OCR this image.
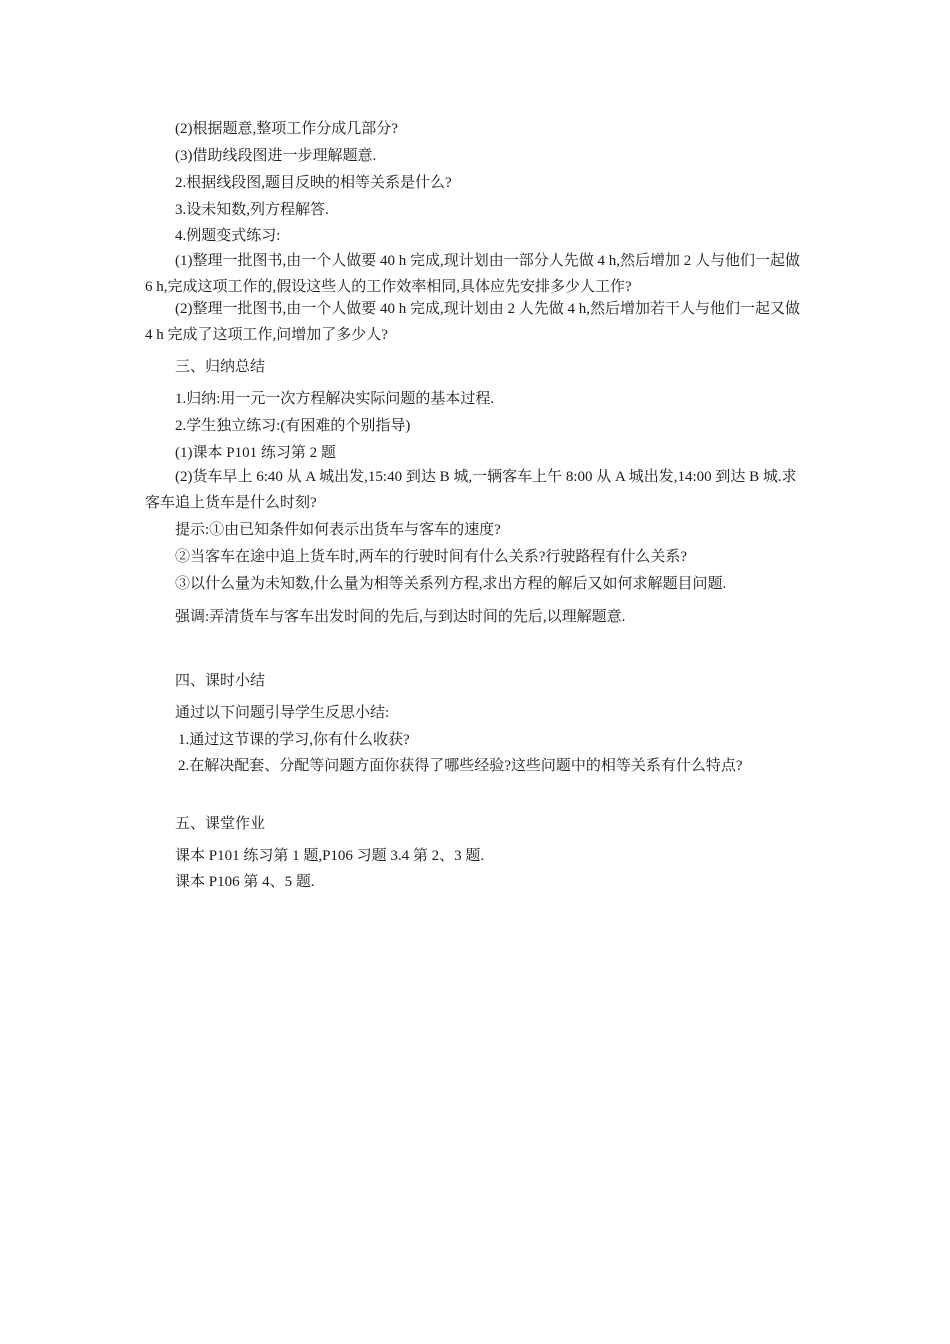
(2)根据题意,整项工作分成几部分?
(3)借助线段图进一步理解题意.
2.根据线段图,题目反映的相等关系是什么?
3.设未知数,列方程解答.
4.例题变式练习:
(1)整理一批图书,由一个人做要 40 h 完成,现计划由一部分人先做 4 h,然后增加 2 人与他们一起做 6 h,完成这项工作的,假设这些人的工作效率相同,具体应先安排多少人工作?
(2)整理一批图书,由一个人做要 40 h 完成,现计划由 2 人先做 4 h,然后增加若干人与他们一起又做 4 h 完成了这项工作,问增加了多少人?
三、归纳总结
1.归纳:用一元一次方程解决实际问题的基本过程.
2.学生独立练习:(有困难的个别指导)
(1)课本 P101 练习第 2 题
(2)货车早上 6:40 从 A 城出发,15:40 到达 B 城,一辆客车上午 8:00 从 A 城出发,14:00 到达 B 城.求客车追上货车是什么时刻?
提示:①由已知条件如何表示出货车与客车的速度?
②当客车在途中追上货车时,两车的行驶时间有什么关系?行驶路程有什么关系?
③以什么量为未知数,什么量为相等关系列方程,求出方程的解后又如何求解题目问题.
强调:弄清货车与客车出发时间的先后,与到达时间的先后,以理解题意.
四、课时小结
通过以下问题引导学生反思小结:
1.通过这节课的学习,你有什么收获?
2.在解决配套、分配等问题方面你获得了哪些经验?这些问题中的相等关系有什么特点?
五、课堂作业
课本 P101 练习第 1 题,P106 习题 3.4 第 2、3 题.
课本 P106 第 4、5 题.
